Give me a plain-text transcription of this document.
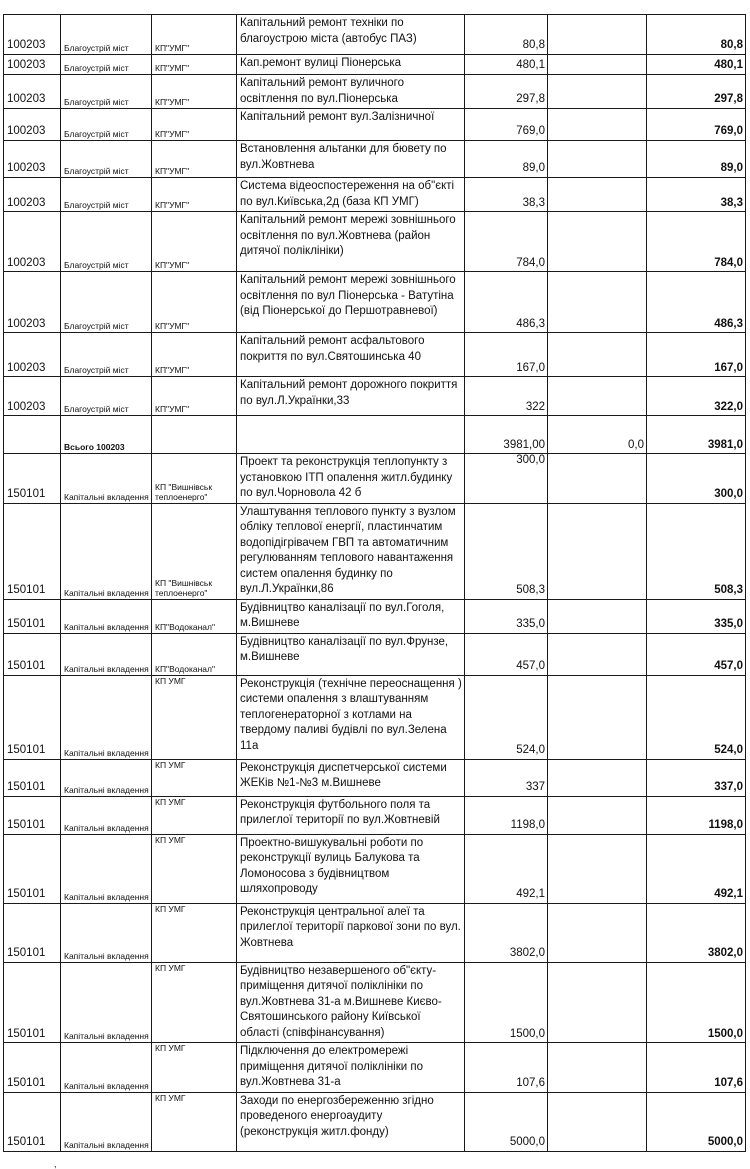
100203	Благоустрій міст	КП"УМГ"	Капітальний ремонт техніки по благоустрою міста (автобус ПАЗ)	80,8		80,8
100203	Благоустрій міст	КП"УМГ"	Кап.ремонт вулиці Піонерська	480,1		480,1
100203	Благоустрій міст	КП"УМГ"	Капітальний ремонт вуличного освітлення по вул.Піонерська	297,8		297,8
100203	Благоустрій міст	КП"УМГ"	Капітальний ремонт вул.Залізничної	769,0		769,0
100203	Благоустрій міст	КП"УМГ"	Встановлення альтанки для бювету по вул.Жовтнева	89,0		89,0
100203	Благоустрій міст	КП"УМГ"	Система відеоспостереження на об"єкті по вул.Київська,2д (база КП УМГ)	38,3		38,3
100203	Благоустрій міст	КП"УМГ"	Капітальний ремонт мережі зовнішнього освітлення по вул.Жовтнева (район дитячої поліклініки)	784,0		784,0
100203	Благоустрій міст	КП"УМГ"	Капітальний ремонт мережі зовнішнього освітлення по вул Піонерська - Ватутіна (від Піонерської до Першотравневої)	486,3		486,3
100203	Благоустрій міст	КП"УМГ"	Капітальний ремонт асфальтового покриття по вул.Святошинська 40	167,0		167,0
100203	Благоустрій міст	КП"УМГ"	Капітальний ремонт дорожного покриття по вул.Л.Українки,33	322		322,0
	Всього 100203			3981,00	0,0	3981,0
150101	Капітальні вкладення	КП "Вишнівськ теплоенерго"	Проект та реконструкція теплопункту з установкою ІТП опалення житл.будинку по вул.Чорновола 42 б	300,0		300,0
150101	Капітальні вкладення	КП "Вишнівськ теплоенерго"	Улаштування теплового пункту з вузлом обліку теплової енергії, пластинчатим водопідігрівачем ГВП та автоматичним регулюванням теплового навантаження систем опалення будинку по вул.Л.Українки,86	508,3		508,3
150101	Капітальні вкладення	КП"Водоканал"	Будівництво каналізації по вул.Гоголя, м.Вишневе	335,0		335,0
150101	Капітальні вкладення	КП"Водоканал"	Будівництво каналізації по вул.Фрунзе, м.Вишневе	457,0		457,0
150101	Капітальні вкладення	КП УМГ	Реконструкція (технічне переоснащення ) системи опалення з влаштуванням теплогенераторної з котлами на твердому паливі будівлі по вул.Зелена 11а	524,0		524,0
150101	Капітальні вкладення	КП УМГ	Реконструкція диспетчерської системи ЖЕКів №1-№3 м.Вишневе	337		337,0
150101	Капітальні вкладення	КП УМГ	Реконструкція футбольного поля та прилеглої території по вул.Жовтневій	1198,0		1198,0
150101	Капітальні вкладення	КП УМГ	Проектно-вишукувальні роботи по реконструкції вулиць Балукова та Ломоносова з будівництвом шляхопроводу	492,1		492,1
150101	Капітальні вкладення	КП УМГ	Реконструкція центральної алеї та прилеглої території паркової зони по вул. Жовтнева	3802,0		3802,0
150101	Капітальні вкладення	КП УМГ	Будівництво незавершеного об"єкту-приміщення дитячої поліклініки по вул.Жовтнева 31-а м.Вишневе Києво-Святошинського району Київської області (співфінансування)	1500,0		1500,0
150101	Капітальні вкладення	КП УМГ	Підключення до електромережі приміщення дитячої поліклініки по вул.Жовтнева 31-а	107,6		107,6
150101	Капітальні вкладення	КП УМГ	Заходи по енергозбереженню згідно проведеного енергоаудиту (реконструкція житл.фонду)	5000,0		5000,0
,
